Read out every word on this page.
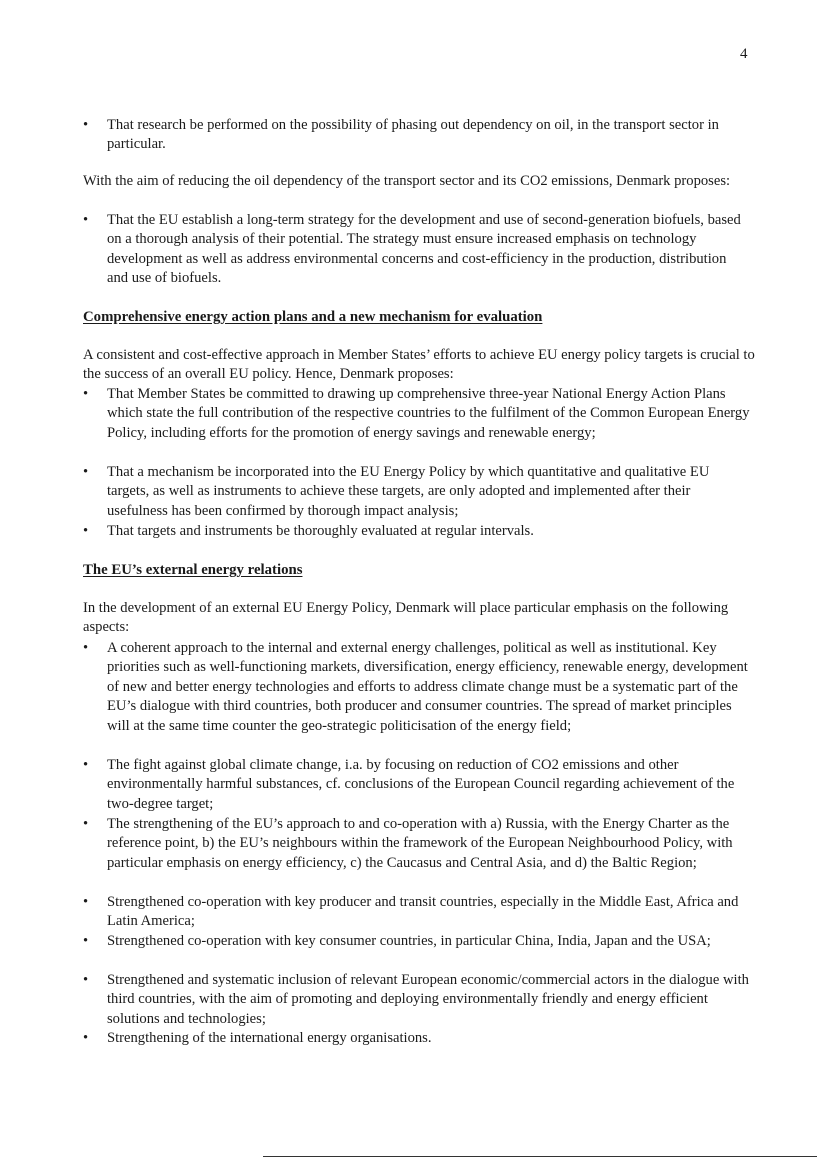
4
•	That research be performed on the possibility of phasing out dependency on oil, in the transport sector in particular.
With the aim of reducing the oil dependency of the transport sector and its CO2 emissions, Denmark proposes:
•	That the EU establish a long-term strategy for the development and use of second-generation biofuels, based on a thorough analysis of their potential. The strategy must ensure increased emphasis on technology development as well as address environmental concerns and cost-efficiency in the production, distribution and use of biofuels.
Comprehensive energy action plans and a new mechanism for evaluation
A consistent and cost-effective approach in Member States’ efforts to achieve EU energy policy targets is crucial to the success of an overall EU policy. Hence, Denmark proposes:
•	That Member States be committed to drawing up comprehensive three-year National Energy Action Plans which state the full contribution of the respective countries to the fulfilment of the Common European Energy Policy, including efforts for the promotion of energy savings and renewable energy;
•	That a mechanism be incorporated into the EU Energy Policy by which quantitative and qualitative EU targets, as well as instruments to achieve these targets, are only adopted and implemented after their usefulness has been confirmed by thorough impact analysis;
•	That targets and instruments be thoroughly evaluated at regular intervals.
The EU’s external energy relations
In the development of an external EU Energy Policy, Denmark will place particular emphasis on the following aspects:
•	A coherent approach to the internal and external energy challenges, political as well as institutional. Key priorities such as well-functioning markets, diversification, energy efficiency, renewable energy, development of new and better energy technologies and efforts to address climate change must be a systematic part of the EU’s dialogue with third countries, both producer and consumer countries. The spread of market principles will at the same time counter the geo-strategic politicisation of the energy field;
•	The fight against global climate change, i.a. by focusing on reduction of CO2 emissions and other environmentally harmful substances, cf. conclusions of the European Council regarding achievement of the two-degree target;
•	The strengthening of the EU’s approach to and co-operation with a) Russia, with the Energy Charter as the reference point, b) the EU’s neighbours within the framework of the European Neighbourhood Policy, with particular emphasis on energy efficiency, c) the Caucasus and Central Asia, and d) the Baltic Region;
•	Strengthened co-operation with key producer and transit countries, especially in the Middle East, Africa and Latin America;
•	Strengthened co-operation with key consumer countries, in particular China, India, Japan and the USA;
•	Strengthened and systematic inclusion of relevant European economic/commercial actors in the dialogue with third countries, with the aim of promoting and deploying environmentally friendly and energy efficient solutions and technologies;
•	Strengthening of the international energy organisations.
